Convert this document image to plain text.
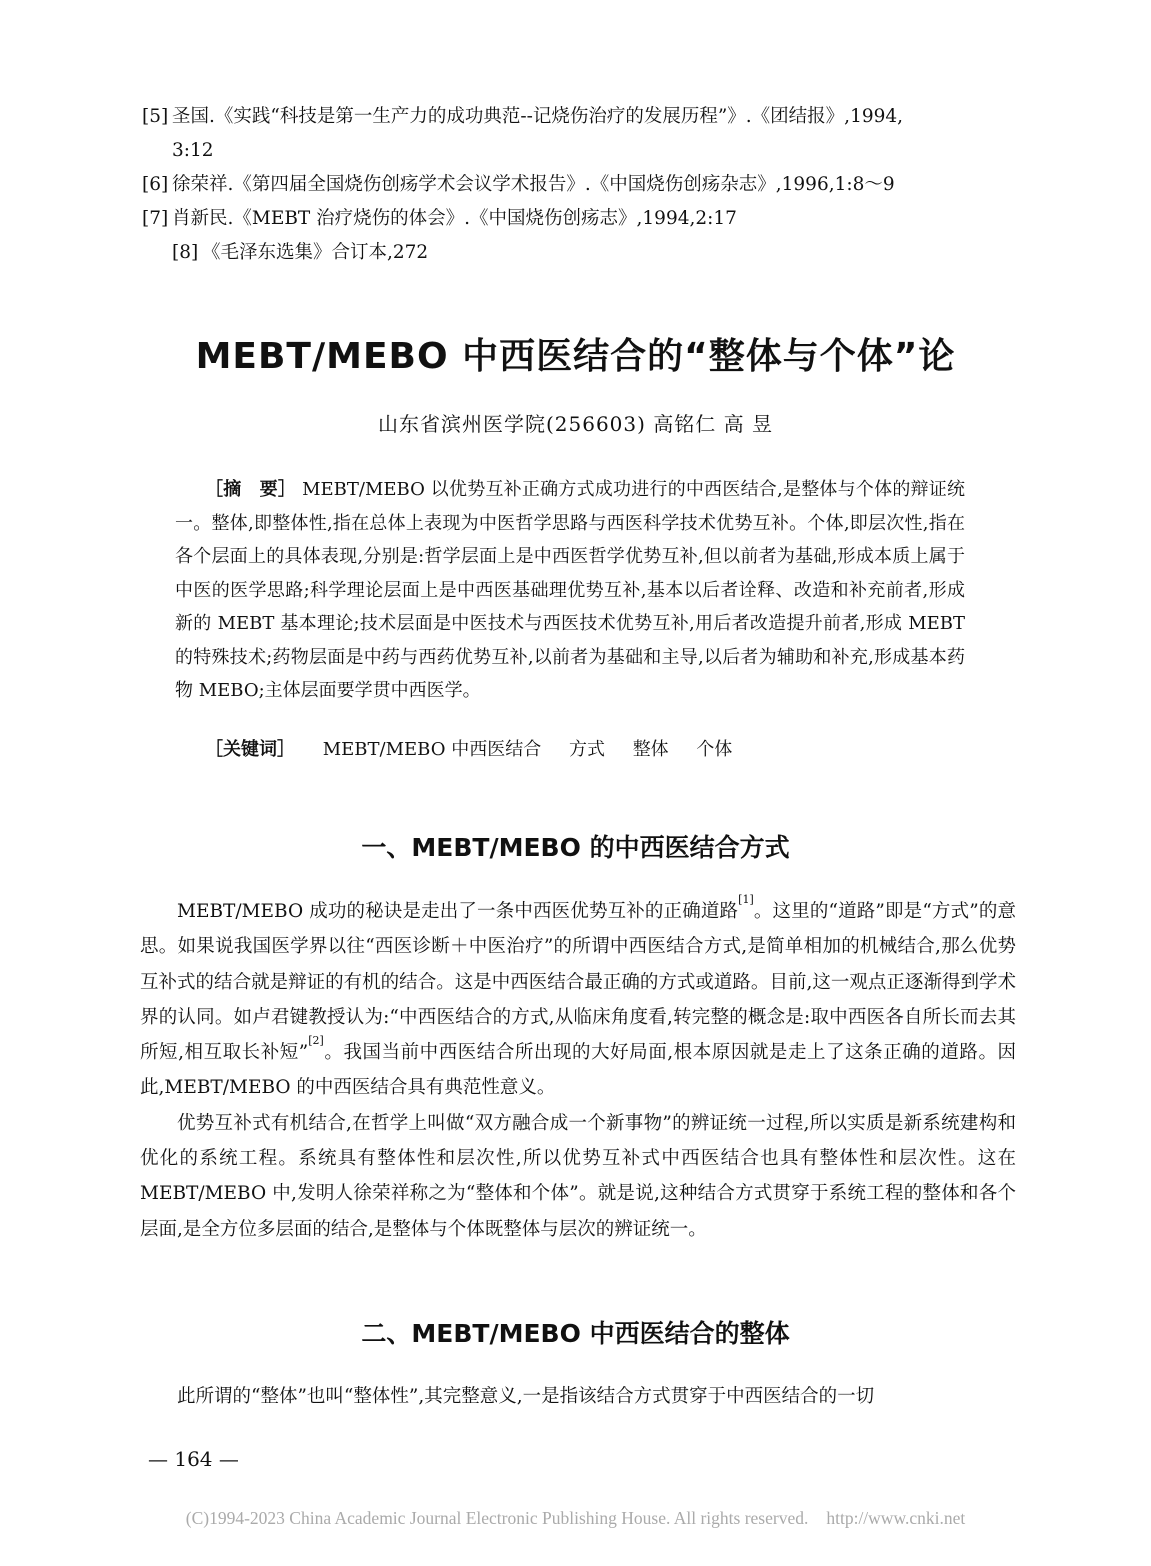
[5] 圣国.《实践“科技是第一生产力的成功典范--记烧伤治疗的发展历程”》.《团结报》,1994,
3:12
[6] 徐荣祥.《第四届全国烧伤创疡学术会议学术报告》.《中国烧伤创疡杂志》,1996,1:8～9
[7] 肖新民.《MEBT 治疗烧伤的体会》.《中国烧伤创疡志》,1994,2:17
[8] 《毛泽东选集》合订本,272
MEBT/MEBO 中西医结合的“整体与个体”论
山东省滨州医学院(256603) 高铭仁 高 昱

［摘　要］ MEBT/MEBO 以优势互补正确方式成功进行的中西医结合,是整体与个体的辩证统一。整体,即整体性,指在总体上表现为中医哲学思路与西医科学技术优势互补。个体,即层次性,指在各个层面上的具体表现,分别是:哲学层面上是中西医哲学优势互补,但以前者为基础,形成本质上属于中医的医学思路;科学理论层面上是中西医基础理优势互补,基本以后者诠释、改造和补充前者,形成新的 MEBT 基本理论;技术层面是中医技术与西医技术优势互补,用后者改造提升前者,形成 MEBT 的特殊技术;药物层面是中药与西药优势互补,以前者为基础和主导,以后者为辅助和补充,形成基本药物 MEBO;主体层面要学贯中西医学。

［关键词］ MEBT/MEBO 中西医结合 方式 整体 个体
一、MEBT/MEBO 的中西医结合方式

MEBT/MEBO 成功的秘诀是走出了一条中西医优势互补的正确道路[1]。这里的“道路”即是“方式”的意思。如果说我国医学界以往“西医诊断＋中医治疗”的所谓中西医结合方式,是简单相加的机械结合,那么优势互补式的结合就是辩证的有机的结合。这是中西医结合最正确的方式或道路。目前,这一观点正逐渐得到学术界的认同。如卢君键教授认为:“中西医结合的方式,从临床角度看,转完整的概念是:取中西医各自所长而去其所短,相互取长补短”[2]。我国当前中西医结合所出现的大好局面,根本原因就是走上了这条正确的道路。因此,MEBT/MEBO 的中西医结合具有典范性意义。

优势互补式有机结合,在哲学上叫做“双方融合成一个新事物”的辨证统一过程,所以实质是新系统建构和优化的系统工程。系统具有整体性和层次性,所以优势互补式中西医结合也具有整体性和层次性。这在 MEBT/MEBO 中,发明人徐荣祥称之为“整体和个体”。就是说,这种结合方式贯穿于系统工程的整体和各个层面,是全方位多层面的结合,是整体与个体既整体与层次的辨证统一。

二、MEBT/MEBO 中西医结合的整体

此所谓的“整体”也叫“整体性”,其完整意义,一是指该结合方式贯穿于中西医结合的一切

— 164 —
(C)1994-2023 China Academic Journal Electronic Publishing House. All rights reserved. http://www.cnki.net
